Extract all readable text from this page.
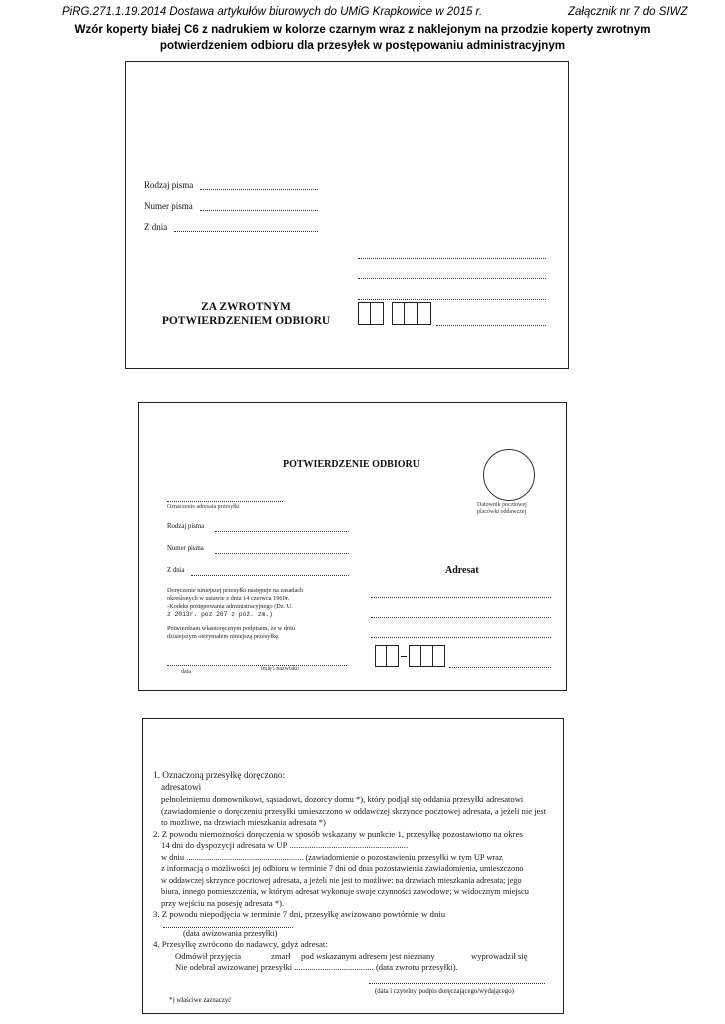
PiRG.271.1.19.2014 Dostawa artykułów biurowych do UMiG Krapkowice w 2015 r.	Załącznik nr 7 do SIWZ
Wzór koperty białej C6 z nadrukiem w kolorze czarnym wraz z naklejonym na przodzie koperty zwrotnym
potwierdzeniem odbioru dla przesyłek w postępowaniu administracyjnym
Rodzaj pisma
Numer pisma
Z dnia
ZA ZWROTNYM
POTWIERDZENIEM ODBIORU
POTWIERDZENIE ODBIORU
Datownik pocztowej
placówki oddawczej
Oznaczenie adresata przesyłki
Rodzaj pisma
Numer pisma
Z dnia	Adresat
Doręczenie niniejszej przesyłki następuje na zasadach
określonych w ustawie z dnia 14 czerwca 1960r.
-Kodeks postępowania administracyjnego (Dz. U.
z 2013r. poz 267 z póź. zm.)
Potwierdzam własnoręcznym podpisem, że w dniu
dzisiejszym otrzymałem niniejszą przesyłkę.
data	imię i nazwisko
1. Oznaczoną przesyłkę doręczono:
adresatowi
pełnoletniemu domownikowi, sąsiadowi, dozorcy domu *), który podjął się oddania przesyłki adresatowi
(zawiadomienie o doręczeniu przesyłki umieszczono w oddawczej skrzynce pocztowej adresata, a jeżeli nie jest
to możliwe, na drzwiach mieszkania adresata *)
2. Z powodu niemożności doręczenia w sposób wskazany w punkcie 1, przesyłkę pozostawiono na okres
14 dni do dyspozycji adresata w UP ......................................................
w dniu ........................................................ (zawiadomienie o pozostawieniu przesyłki w tym UP wraz
z informacją o możliwości jej odbioru w terminie 7 dni od dnia pozostawienia zawiadomienia, umieszczono
w oddawczej skrzynce pocztowej adresata, a jeżeli nie jest to możliwe: na drzwiach mieszkania adresata; jego
biura, innego pomieszczenia, w którym adresat wykonuje swoje czynności zawodowe; w widocznym miejscu
przy wejściu na posesję adresata *).
3. Z powodu niepodjęcia w terminie 7 dni, przesyłkę awizowano powtórnie w dniu
(data awizowania przesyłki)
4. Przesyłkę zwrócono do nadawcy, gdyż adresat:
Odmówił przyjęcia	zmarł pod wskazanym adresem jest nieznany	wyprowadził się
Nie odebrał awizowanej przesyłki ..................................... (data zwrotu przesyłki).
(data i czytelny podpis doręczającego/wydającego)
*) właściwe zaznaczyć
